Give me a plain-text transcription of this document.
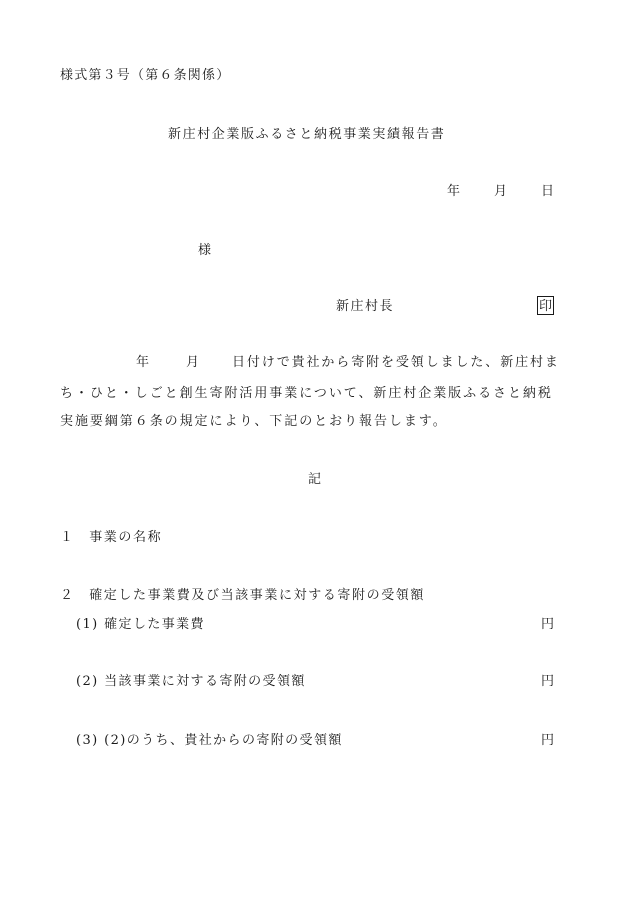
様式第３号（第６条関係）
新庄村企業版ふるさと納税事業実績報告書
年	月	日
様
新庄村長	印
年	月 日付けで貴社から寄附を受領しました、新庄村ま
ち・ひと・しごと創生寄附活用事業について、新庄村企業版ふるさと納税
実施要綱第６条の規定により、下記のとおり報告します。
記
１　事業の名称
２　確定した事業費及び当該事業に対する寄附の受領額
(1) 確定した事業費	円
(2) 当該事業に対する寄附の受領額	円
(3) (2)のうち、貴社からの寄附の受領額	円
